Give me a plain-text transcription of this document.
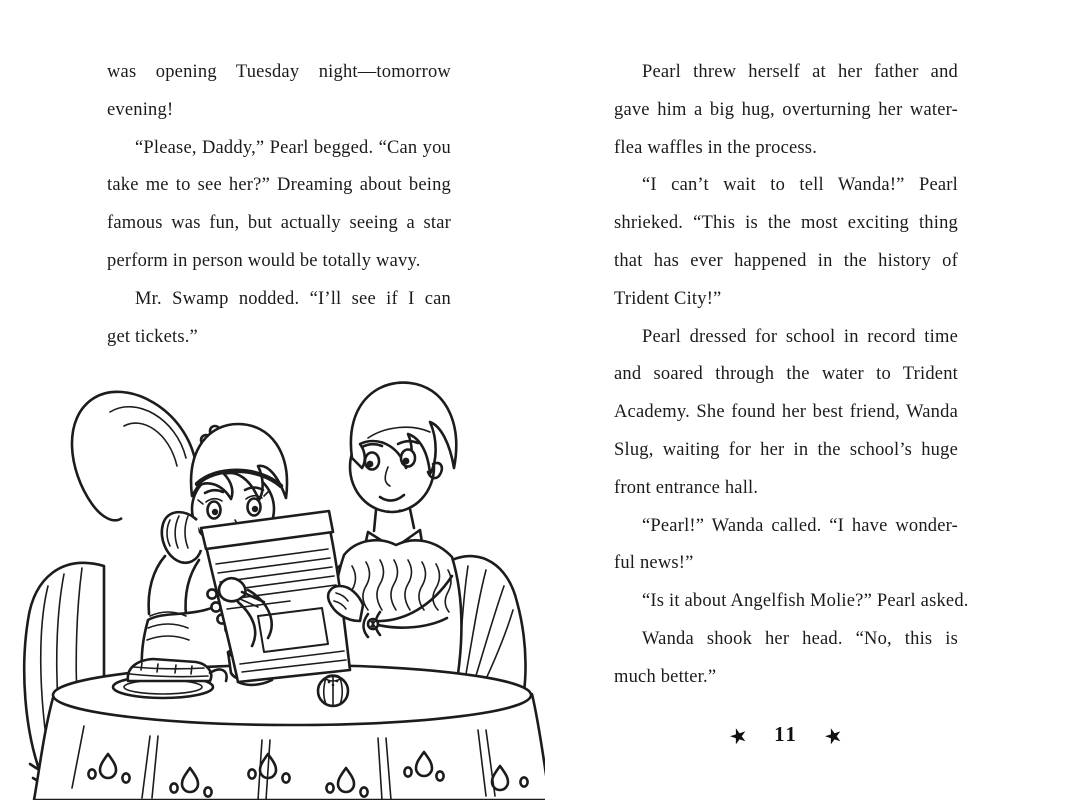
was opening Tuesday night—tomorrow
evening!
“Please, Daddy,” Pearl begged. “Can you
take me to see her?” Dreaming about being
famous was fun, but actually seeing a star
perform in person would be totally wavy.
Mr. Swamp nodded. “I’ll see if I can
get tickets.”
Pearl threw herself at her father and
gave him a big hug, overturning her water-
flea waffles in the process.
“I can’t wait to tell Wanda!” Pearl
shrieked. “This is the most exciting thing
that has ever happened in the history of
Trident City!”
Pearl dressed for school in record time
and soared through the water to Trident
Academy. She found her best friend, Wanda
Slug, waiting for her in the school’s huge
front entrance hall.
“Pearl!” Wanda called. “I have wonder-
ful news!”
“Is it about Angelfish Molie?” Pearl asked.
Wanda shook her head. “No, this is
much better.”
★ 11 ★
